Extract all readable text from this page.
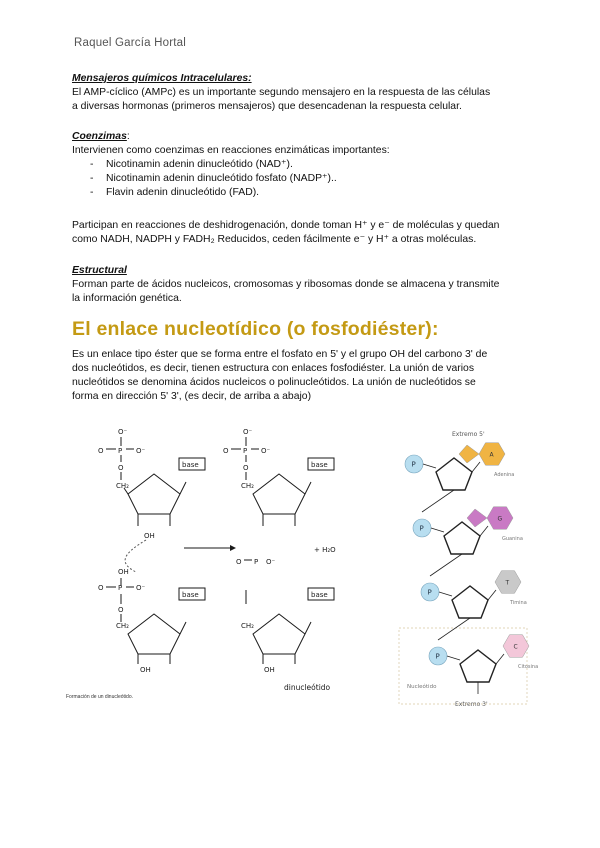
Raquel García Hortal

Mensajeros químicos Intracelulares:

El AMP-cíclico (AMPc) es un importante segundo mensajero en la respuesta de las células

a diversas hormonas (primeros mensajeros) que desencadenan la respuesta celular.

Coenzimas:

Intervienen como coenzimas en reacciones enzimáticas importantes:

- Nicotinamin adenin dinucleótido (NAD⁺).
- Nicotinamin adenin dinucleótido fosfato (NADP⁺)..
- Flavin adenin dinucleótido (FAD).

Participan en reacciones de deshidrogenación, donde toman H⁺ y e⁻ de moléculas y quedan

como NADH, NADPH y FADH₂ Reducidos, ceden fácilmente e⁻ y H⁺ a otras moléculas.

Estructural

Forman parte de ácidos nucleicos, cromosomas y ribosomas donde se almacena y transmite

la información genética.

El enlace nucleotídico (o fosfodiéster):

Es un enlace tipo éster que se forma entre el fosfato en 5' y el grupo OH del carbono 3' de

dos nucleótidos, es decir, tienen estructura con enlaces fosfodiéster. La unión de varios

nucleótidos se denomina ácidos nucleicos o polinucleótidos. La unión de nucleótidos se

forma en dirección 5' 3', (es decir, de arriba a abajo)

O⁻
O P O⁻
O
CH₂
base
OH
OH
O P O⁻
O
CH₂
base
OH
O⁻
O P O⁻
O
CH₂
base
O P O⁻
+ H₂O
CH₂
base
OH
dinucleótido
Formación de un dinucleótido.
Extremo 5'
Extremo 3'
Nucleótido
P
A
Adenina
P
G
Guanina
P
T
Timina
P
C
Citosina
